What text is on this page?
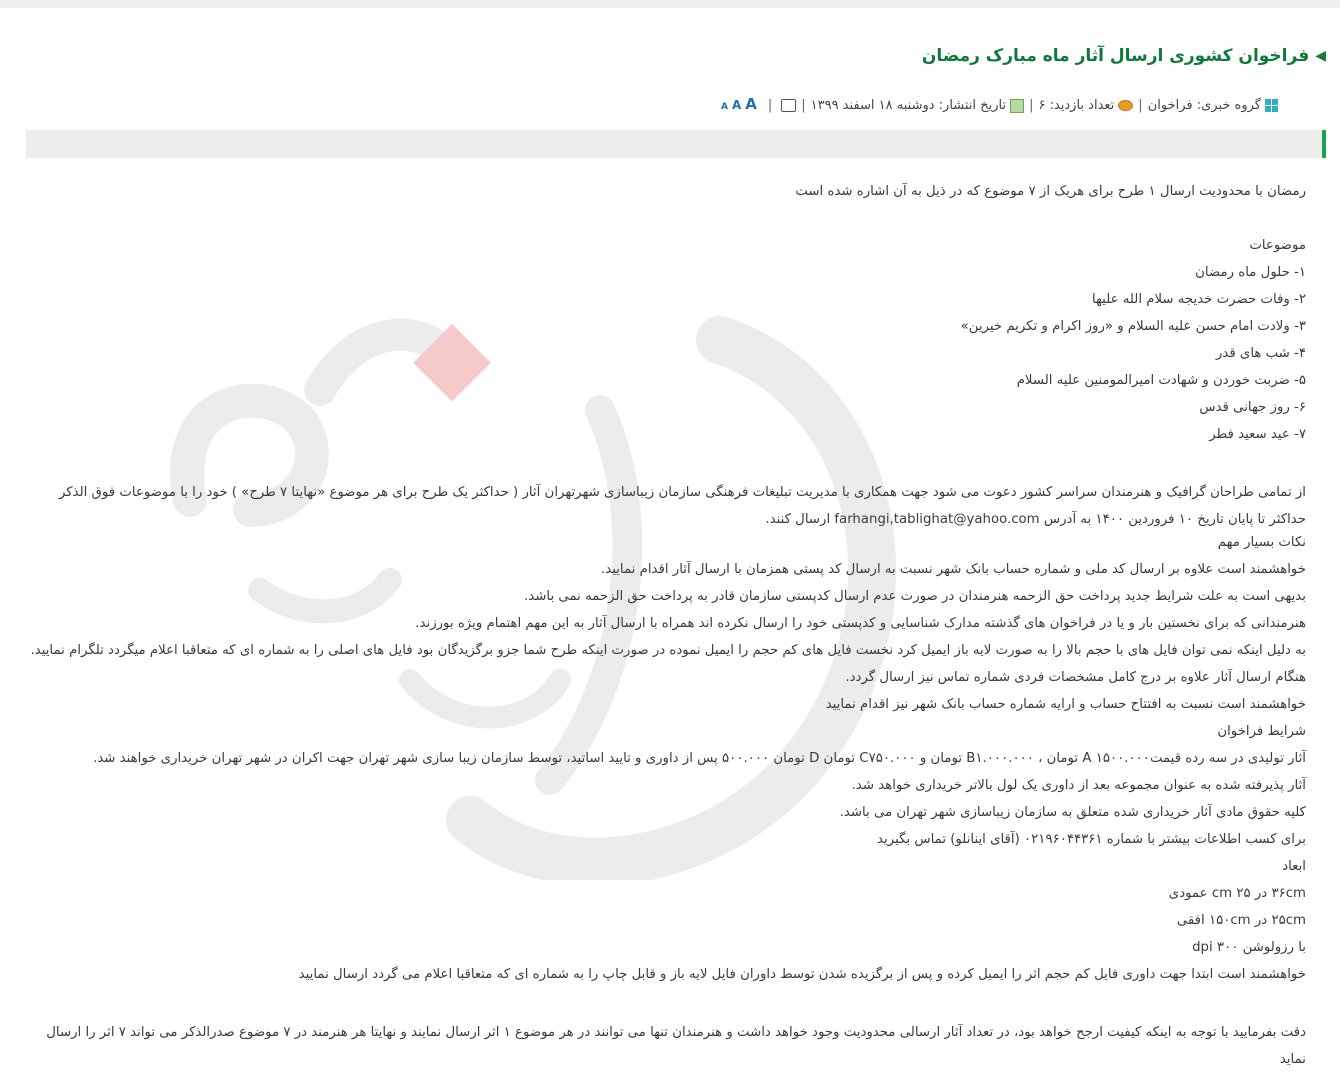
◀
فراخوان کشوری ارسال آثار ماه مبارک رمضان
گروه خبری: فراخوان
|
تعداد بازدید: ۶
|
تاریخ انتشار: دوشنبه ۱۸ اسفند ۱۳۹۹
|
|
A
A
A
رمضان با محدودیت ارسال ۱ طرح برای هریک از ۷ موضوع که در ذیل به آن اشاره شده است
موضوعات
۱- حلول ماه رمضان
۲- وفات حضرت خدیجه سلام الله علیها
۳- ولادت امام حسن علیه السلام و «روز اکرام و تکریم خیرین»
۴- شب های قدر
۵- ضربت خوردن و شهادت امیرالمومنین علیه السلام
۶- روز جهانی قدس
۷- عید سعید فطر
از تمامی طراحان گرافیک و هنرمندان سراسر کشور دعوت می شود جهت همکاری با مدیریت تبلیغات فرهنگی سازمان زیباسازی شهرتهران آثار ( حداکثر یک طرح برای هر موضوع «نهایتا ۷ طرح» ) خود را با موضوعات فوق الذکر حداکثر تا پایان تاریخ ۱۰ فروردین ۱۴۰۰ به آدرس farhangi,tablighat@yahoo.com ارسال کنند.
نکات بسیار مهم
خواهشمند است علاوه بر ارسال کد ملی و شماره حساب بانک شهر نسبت به ارسال کد پستی همزمان با ارسال آثار اقدام نمایید.
بدیهی است به علت شرایط جدید پرداخت حق الزحمه هنرمندان در صورت عدم ارسال کدپستی سازمان قادر به پرداخت حق الزحمه نمی باشد.
هنرمندانی که برای نخستین بار و یا در فراخوان های گذشته مدارک شناسایی و کدپستی خود را ارسال نکرده اند همراه با ارسال آثار به این مهم اهتمام ویژه بورزند.
به دلیل اینکه نمی توان فایل های با حجم بالا را به صورت لایه باز ایمیل کرد نخست فایل های کم حجم را ایمیل نموده در صورت اینکه طرح شما جزو برگزیدگان بود فایل های اصلی را به شماره ای که متعاقبا اعلام میگردد تلگرام نمایید.
هنگام ارسال آثار علاوه بر درج کامل مشخصات فردی شماره تماس نیز ارسال گردد.
خواهشمند است نسبت به افتتاح حساب و ارایه شماره حساب بانک شهر نیز اقدام نمایید
شرایط فراخوان
آثار تولیدی در سه رده قیمت۱۵۰۰.۰۰۰ A تومان ، B۱.۰۰۰.۰۰۰ تومان و C۷۵۰.۰۰۰ تومان D تومان ۵۰۰.۰۰۰ پس از داوری و تایید اساتید، توسط سازمان زیبا سازی شهر تهران جهت اکران در شهر تهران خریداری خواهند شد.
آثار پذیرفته شده به عنوان مجموعه بعد از داوری یک لول بالاتر خریداری خواهد شد.
کلیه حقوق مادی آثار خریداری شده متعلق به سازمان زیباسازی شهر تهران می باشد.
برای کسب اطلاعات بیشتر با شماره ۰۲۱۹۶۰۴۴۳۶۱ (آقای اینانلو) تماس بگیرید
ابعاد
۳۶cm در ۲۵ cm عمودی
۲۵cm در ۱۵۰cm افقی
با رزولوشن ۳۰۰ dpi
خواهشمند است ابتدا جهت داوری فایل کم حجم اثر را ایمیل کرده و پس از برگزیده شدن توسط داوران فایل لایه باز و قابل چاپ را به شماره ای که متعاقبا اعلام می گردد ارسال نمایید
دقت بفرمایید با توجه به اینکه کیفیت ارجح خواهد بود، در تعداد آثار ارسالی محدودیت وجود خواهد داشت و هنرمندان تنها می توانند در هر موضوع ۱ اثر ارسال نمایند و نهایتا هر هنرمند در ۷ موضوع صدرالذکر می تواند ۷ اثر را ارسال نماید
